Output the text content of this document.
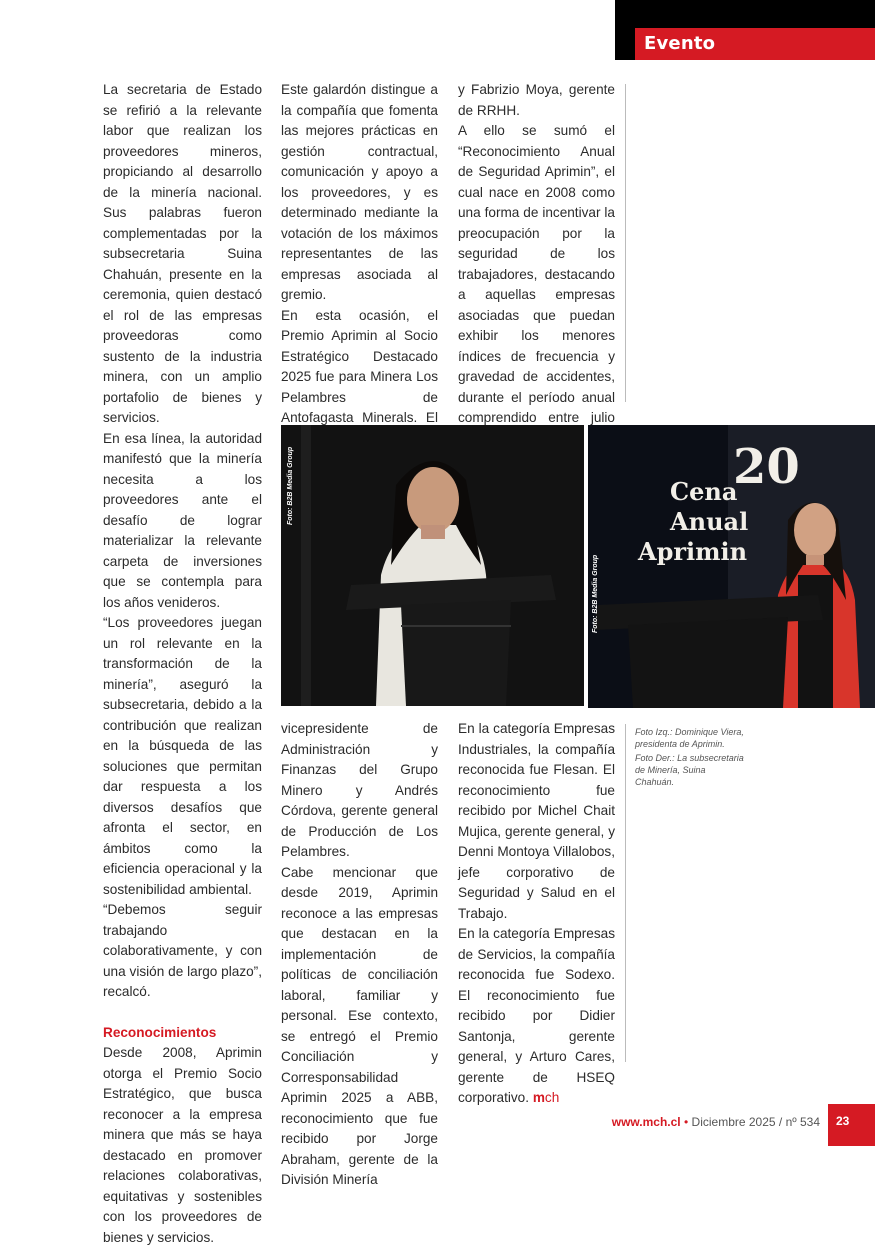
Evento

La secretaria de Estado se refirió a la relevante labor que realizan los proveedores mineros, propiciando al desarrollo de la minería nacional. Sus palabras fueron complementadas por la subsecretaria Suina Chahuán, presente en la ceremonia, quien destacó el rol de las empresas proveedoras como sustento de la industria minera, con un amplio portafolio de bienes y servicios.

En esa línea, la autoridad manifestó que la minería necesita a los proveedores ante el desafío de lograr materializar la relevante carpeta de inversiones que se contempla para los años venideros.

“Los proveedores juegan un rol relevante en la transformación de la minería”, aseguró la subsecretaria, debido a la contribución que realizan en la búsqueda de las soluciones que permitan dar respuesta a los diversos desafíos que afronta el sector, en ámbitos como la eficiencia operacional y la sostenibilidad ambiental.

“Debemos seguir trabajando colaborativamente, y con una visión de largo plazo”, recalcó.

Reconocimientos

Desde 2008, Aprimin otorga el Premio Socio Estratégico, que busca reconocer a la empresa minera que más se haya destacado en promover relaciones colaborativas, equitativas y sostenibles con los proveedores de bienes y servicios.

Este galardón distingue a la compañía que fomenta las mejores prácticas en gestión contractual, comunicación y apoyo a los proveedores, y es determinado mediante la votación de los máximos representantes de las empresas asociada al gremio.

En esta ocasión, el Premio Aprimin al Socio Estratégico Destacado 2025 fue para Minera Los Pelambres de Antofagasta Minerals. El

y Fabrizio Moya, gerente de RRHH.

A ello se sumó el “Reconocimiento Anual de Seguridad Aprimin”, el cual nace en 2008 como una forma de incentivar la preocupación por la seguridad de los trabajadores, destacando a aquellas empresas asociadas que puedan exhibir los menores índices de frecuencia y gravedad de accidentes, durante el período anual comprendido entre julio

Foto: B2B Media Group	20
Cena
Anual
Aprimin
Foto: B2B Media Group

vicepresidente de Administración y Finanzas del Grupo Minero y Andrés Córdova, gerente general de Producción de Los Pelambres.

Cabe mencionar que desde 2019, Aprimin reconoce a las empresas que destacan en la implementación de políticas de conciliación laboral, familiar y personal. Ese contexto, se entregó el Premio Conciliación y Corresponsabilidad Aprimin 2025 a ABB, reconocimiento que fue recibido por Jorge Abraham, gerente de la División Minería

En la categoría Empresas Industriales, la compañía reconocida fue Flesan. El reconocimiento fue recibido por Michel Chait Mujica, gerente general, y Denni Montoya Villalobos, jefe corporativo de Seguridad y Salud en el Trabajo.

En la categoría Empresas de Servicios, la compañía reconocida fue Sodexo. El reconocimiento fue recibido por Didier Santonja, gerente general, y Arturo Cares, gerente de HSEQ corporativo. mch

Foto Izq.: Dominique Viera, presidenta de Aprimin.

Foto Der.: La subsecretaria de Minería, Suina Chahuán.

www.mch.cl • Diciembre 2025 / nº 534 23
